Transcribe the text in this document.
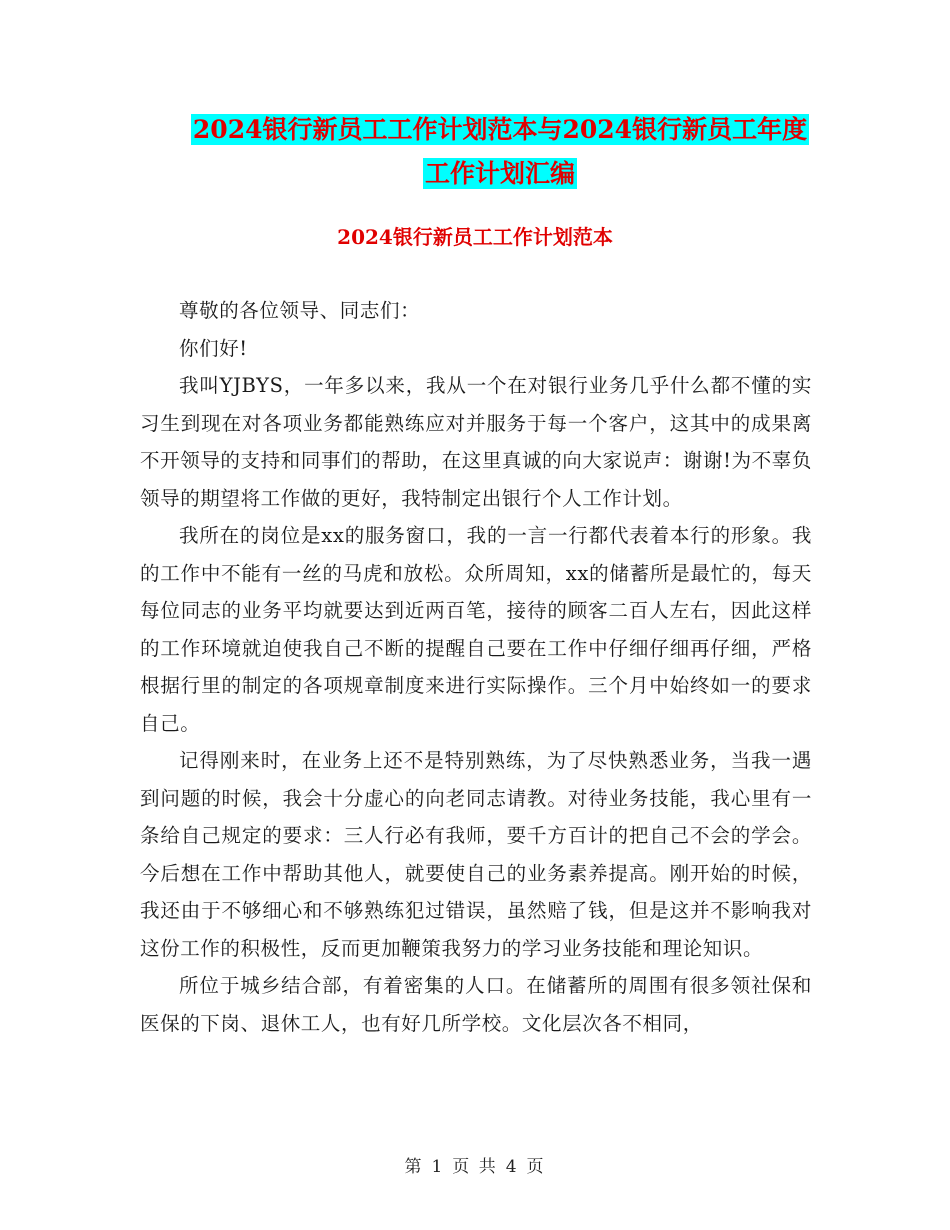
2024银行新员工工作计划范本与2024银行新员工年度
工作计划汇编
2024银行新员工工作计划范本

尊敬的各位领导、同志们：

你们好!

我叫YJBYS，一年多以来，我从一个在对银行业务几乎什么都不懂的实习生到现在对各项业务都能熟练应对并服务于每一个客户，这其中的成果离不开领导的支持和同事们的帮助，在这里真诚的向大家说声：谢谢!为不辜负领导的期望将工作做的更好，我特制定出银行个人工作计划。

我所在的岗位是xx的服务窗口，我的一言一行都代表着本行的形象。我的工作中不能有一丝的马虎和放松。众所周知，xx的储蓄所是最忙的，每天每位同志的业务平均就要达到近两百笔，接待的顾客二百人左右，因此这样的工作环境就迫使我自己不断的提醒自己要在工作中仔细仔细再仔细，严格根据行里的制定的各项规章制度来进行实际操作。三个月中始终如一的要求自己。

记得刚来时，在业务上还不是特别熟练，为了尽快熟悉业务，当我一遇到问题的时候，我会十分虚心的向老同志请教。对待业务技能，我心里有一条给自己规定的要求：三人行必有我师，要千方百计的把自己不会的学会。今后想在工作中帮助其他人，就要使自己的业务素养提高。刚开始的时候，我还由于不够细心和不够熟练犯过错误，虽然赔了钱，但是这并不影响我对这份工作的积极性，反而更加鞭策我努力的学习业务技能和理论知识。

所位于城乡结合部，有着密集的人口。在储蓄所的周围有很多领社保和医保的下岗、退休工人，也有好几所学校。文化层次各不相同，

第 1 页 共 4 页
